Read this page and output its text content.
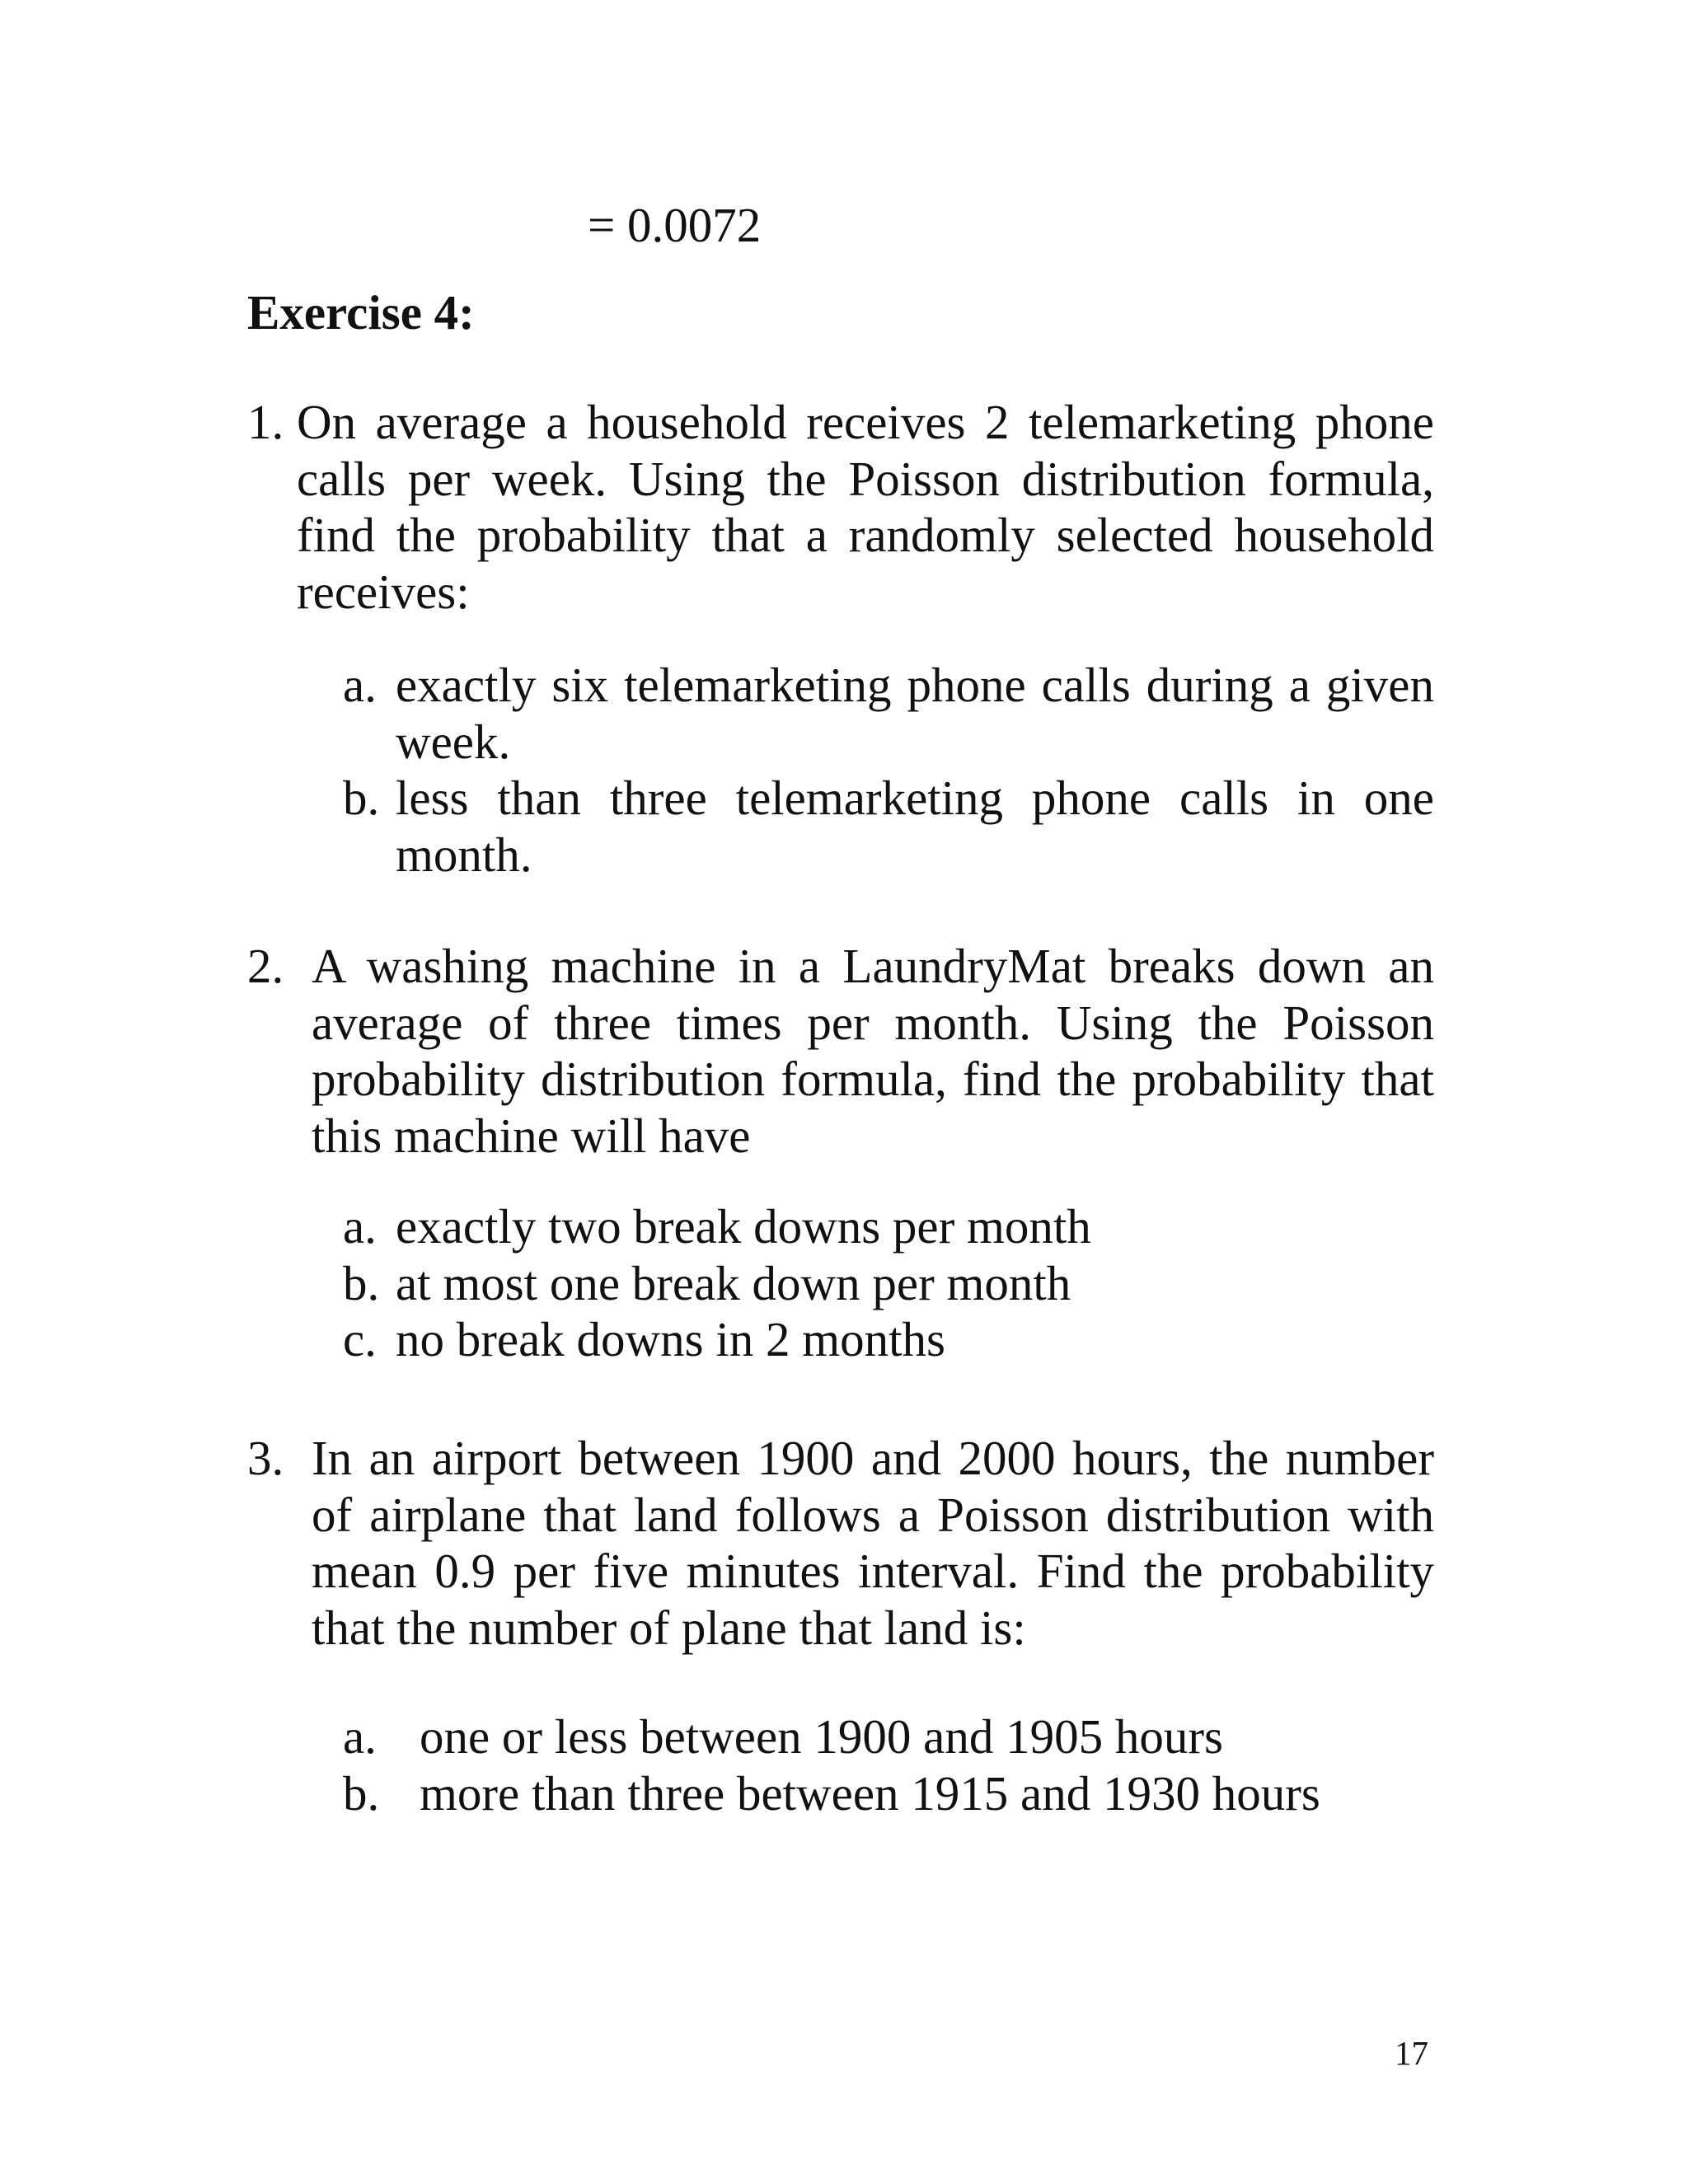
= 0.0072
Exercise 4:
1. On average a household receives 2 telemarketing phone calls per week. Using the Poisson distribution formula, find the probability that a randomly selected household receives:
a. exactly six telemarketing phone calls during a given week.
b. less than three telemarketing phone calls in one month.
2. A washing machine in a LaundryMat breaks down an average of three times per month. Using the Poisson probability distribution formula, find the probability that this machine will have
a. exactly two break downs per month
b. at most one break down per month
c. no break downs in 2 months
3. In an airport between 1900 and 2000 hours, the number of airplane that land follows a Poisson distribution with mean 0.9 per five minutes interval. Find the probability that the number of plane that land is:
a. one or less between 1900 and 1905 hours
b. more than three between 1915 and 1930 hours
17
